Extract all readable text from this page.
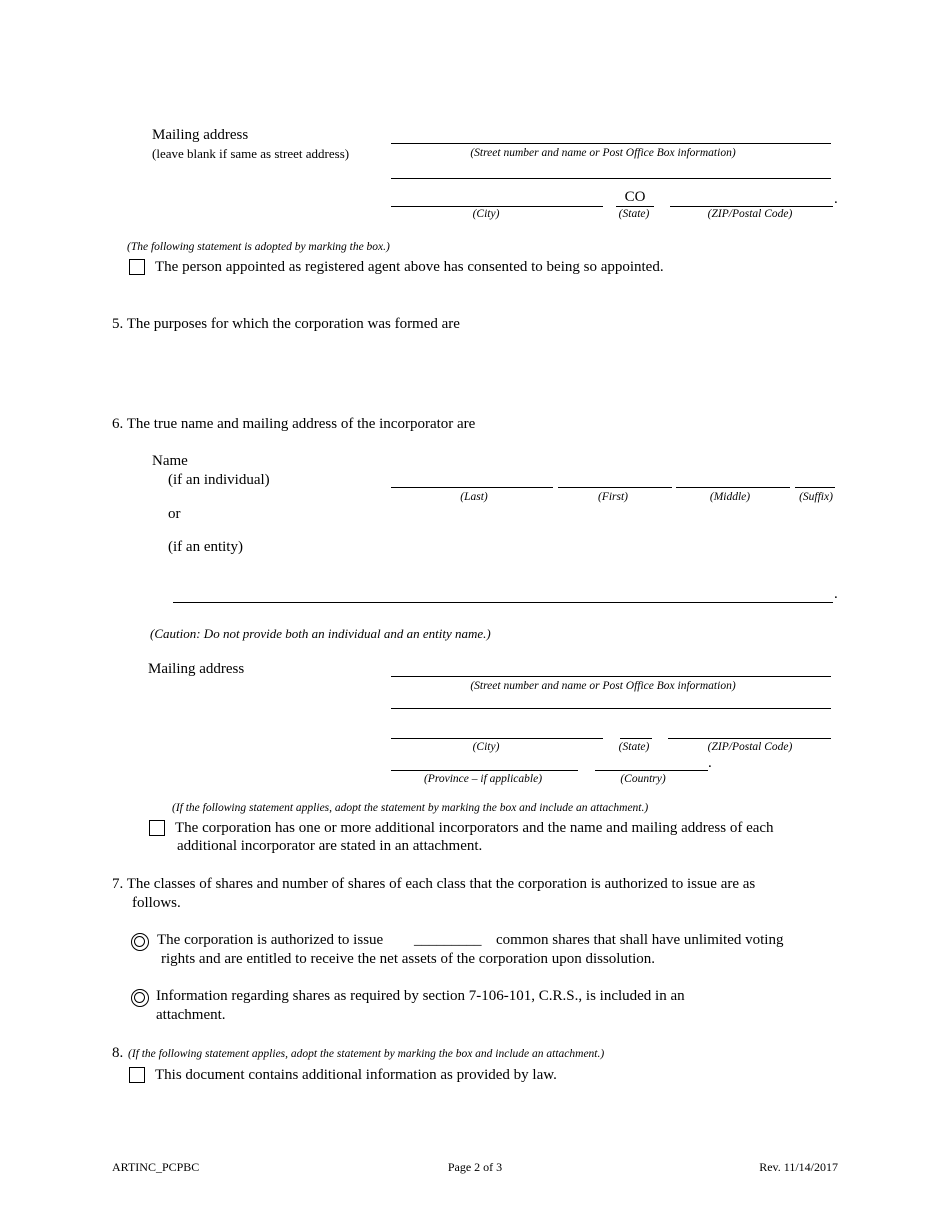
Mailing address
(leave blank if same as street address)	(Street number and name or Post Office Box information)
CO	.
(City)	(State)	(ZIP/Postal Code)
(The following statement is adopted by marking the box.)
The person appointed as registered agent above has consented to being so appointed.
5. The purposes for which the corporation was formed are
6. The true name and mailing address of the incorporator are
Name
(if an individual)
or
(if an entity)
(Last)	(First)	(Middle)	(Suffix)
.
(Caution: Do not provide both an individual and an entity name.)
Mailing address
(Street number and name or Post Office Box information)
(City)	(State)	(ZIP/Postal Code)
.
(Province – if applicable)	(Country)
(If the following statement applies, adopt the statement by marking the box and include an attachment.)
The corporation has one or more additional incorporators and the name and mailing address of each
additional incorporator are stated in an attachment.
7. The classes of shares and number of shares of each class that the corporation is authorized to issue are as
follows.
The corporation is authorized to issue _________ common shares that shall have unlimited voting
rights and are entitled to receive the net assets of the corporation upon dissolution.
Information regarding shares as required by section 7-106-101, C.R.S., is included in an
attachment.
8. (If the following statement applies, adopt the statement by marking the box and include an attachment.)
This document contains additional information as provided by law.
ARTINC_PCPBC	Page 2 of 3	Rev. 11/14/2017
